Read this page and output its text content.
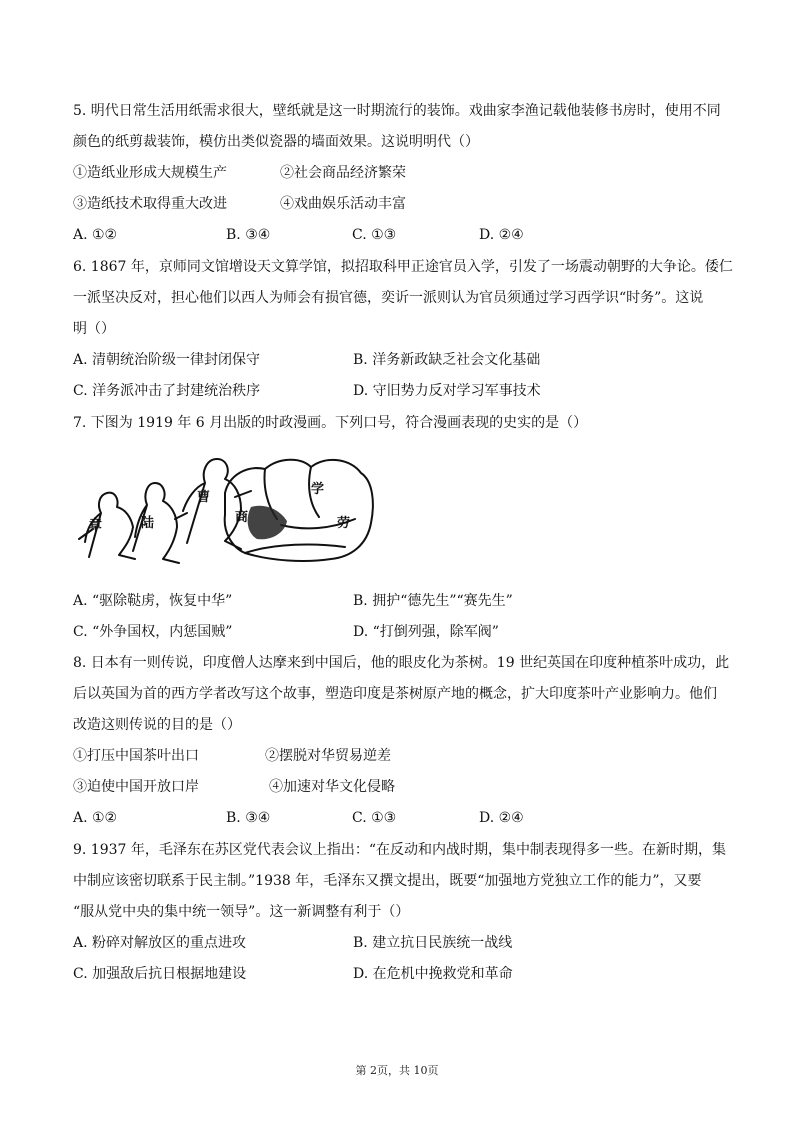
5. 明代日常生活用纸需求很大，壁纸就是这一时期流行的装饰。戏曲家李渔记载他装修书房时，使用不同
颜色的纸剪裁装饰，模仿出类似瓷器的墙面效果。这说明明代（）
①造纸业形成大规模生产	②社会商品经济繁荣
③造纸技术取得重大改进	④戏曲娱乐活动丰富
A. ①②	B. ③④	C. ①③	D. ②④
6. 1867 年，京师同文馆增设天文算学馆，拟招取科甲正途官员入学，引发了一场震动朝野的大争论。倭仁
一派坚决反对，担心他们以西人为师会有损官德，奕䜣一派则认为官员须通过学习西学识“时务”。这说
明（）
A. 清朝统治阶级一律封闭保守	B. 洋务新政缺乏社会文化基础
C. 洋务派冲击了封建统治秩序	D. 守旧势力反对学习军事技术
7. 下图为 1919 年 6 月出版的时政漫画。下列口号，符合漫画表现的史实的是（）
章	陆
曹
商
学
劳
A. “驱除鞑虏，恢复中华”	B. 拥护“德先生”“赛先生”
C. “外争国权，内惩国贼”	D. “打倒列强，除军阀”
8. 日本有一则传说，印度僧人达摩来到中国后，他的眼皮化为茶树。19 世纪英国在印度种植茶叶成功，此
后以英国为首的西方学者改写这个故事，塑造印度是茶树原产地的概念，扩大印度茶叶产业影响力。他们
改造这则传说的目的是（）
①打压中国茶叶出口	②摆脱对华贸易逆差
③迫使中国开放口岸	④加速对华文化侵略
A. ①②	B. ③④	C. ①③	D. ②④
9. 1937 年，毛泽东在苏区党代表会议上指出：“在反动和内战时期，集中制表现得多一些。在新时期，集
中制应该密切联系于民主制。”1938 年，毛泽东又撰文提出，既要“加强地方党独立工作的能力”，又要
“服从党中央的集中统一领导”。这一新调整有利于（）
A. 粉碎对解放区的重点进攻	B. 建立抗日民族统一战线
C. 加强敌后抗日根据地建设	D. 在危机中挽救党和革命
第 2页，共 10页
